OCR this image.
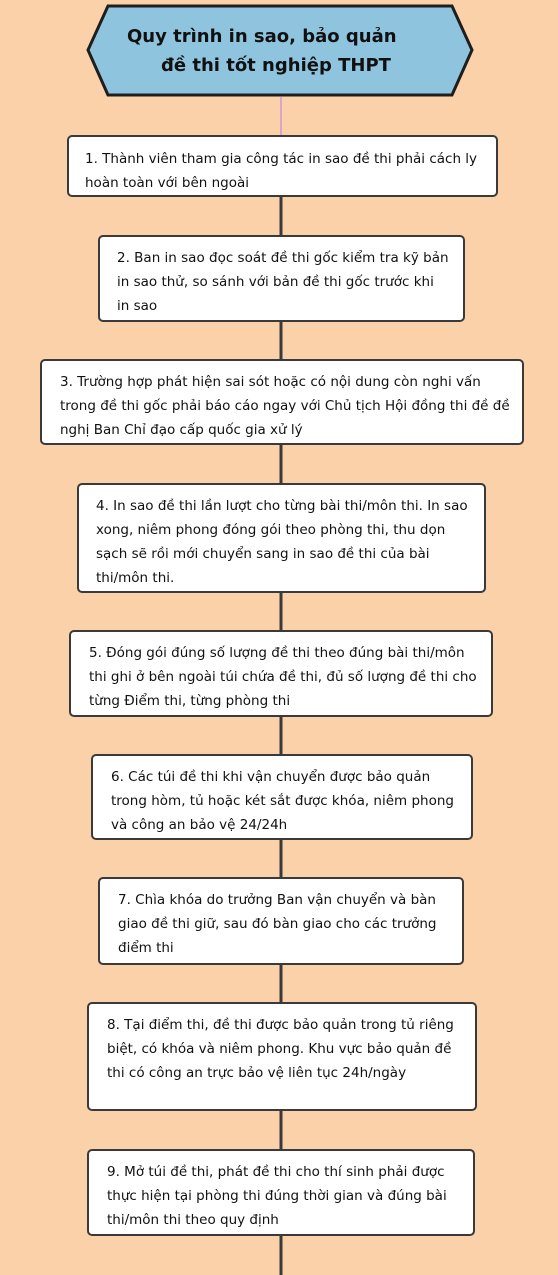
Quy trình in sao, bảo quản
đề thi tốt nghiệp THPT
1. Thành viên tham gia công tác in sao đề thi phải cách ly hoàn toàn với bên ngoài
2. Ban in sao đọc soát đề thi gốc kiểm tra kỹ bản in sao thử, so sánh với bản đề thi gốc trước khi in sao
3. Trường hợp phát hiện sai sót hoặc có nội dung còn nghi vấn trong đề thi gốc phải báo cáo ngay với Chủ tịch Hội đồng thi đề đề nghị Ban Chỉ đạo cấp quốc gia xử lý
4. In sao đề thi lần lượt cho từng bài thi/môn thi. In sao xong, niêm phong đóng gói theo phòng thi, thu dọn sạch sẽ rồi mới chuyển sang in sao đề thi của bài thi/môn thi.
5. Đóng gói đúng số lượng đề thi theo đúng bài thi/môn thi ghi ở bên ngoài túi chứa đề thi, đủ số lượng đề thi cho từng Điểm thi, từng phòng thi
6. Các túi đề thi khi vận chuyển được bảo quản trong hòm, tủ hoặc két sắt được khóa, niêm phong và công an bảo vệ 24/24h
7. Chìa khóa do trưởng Ban vận chuyển và bàn giao đề thi giữ, sau đó bàn giao cho các trưởng điểm thi
8. Tại điểm thi, đề thi được bảo quản trong tủ riêng biệt, có khóa và niêm phong. Khu vực bảo quản đề thi có công an trực bảo vệ liên tục 24h/ngày
9. Mở túi đề thi, phát đề thi cho thí sinh phải được thực hiện tại phòng thi đúng thời gian và đúng bài thi/môn thi theo quy định
